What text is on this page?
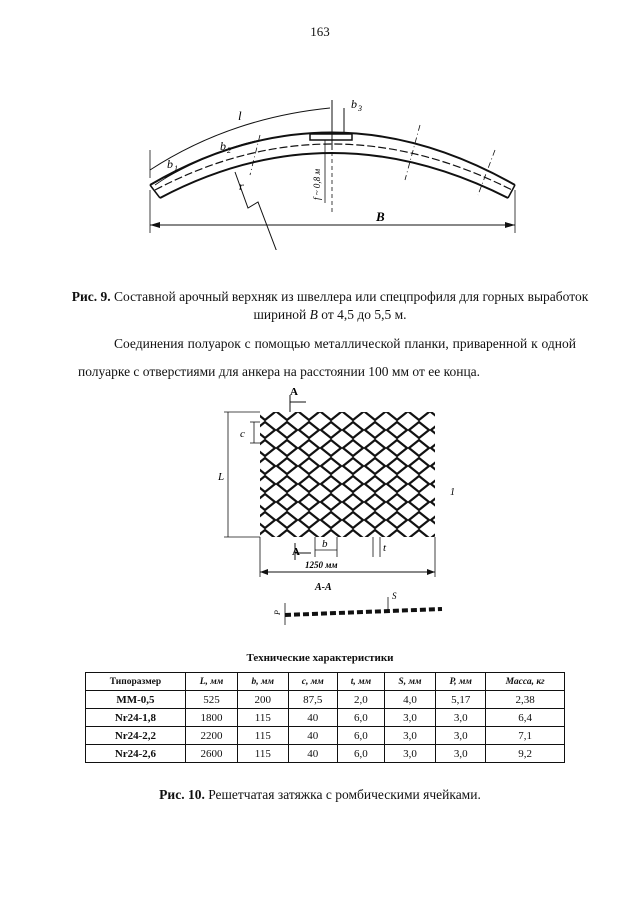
163
l
b 2
b 1
b 3
r	f ~ 0,8 м
B
Рис. 9. Составной арочный верхняк из швеллера или спецпрофиля для горных выработок шириной B от 4,5 до 5,5 м.
Соединения полуарок с помощью металлической планки, приваренной к одной полуарке с отверстиями для анкера на расстоянии 100 мм от ее конца.
A
A
c
L
b	t
1
1250 мм
A-A
P
S
Технические характеристики
Типоразмер	L, мм	b, мм	c, мм	t, мм	S, мм	P, мм	Масса, кг
ММ-0,5	525	200	87,5	2,0	4,0	5,17	2,38
Nr24-1,8	1800	115	40	6,0	3,0	3,0	6,4
Nr24-2,2	2200	115	40	6,0	3,0	3,0	7,1
Nr24-2,6	2600	115	40	6,0	3,0	3,0	9,2
Рис. 10. Решетчатая затяжка с ромбическими ячейками.
